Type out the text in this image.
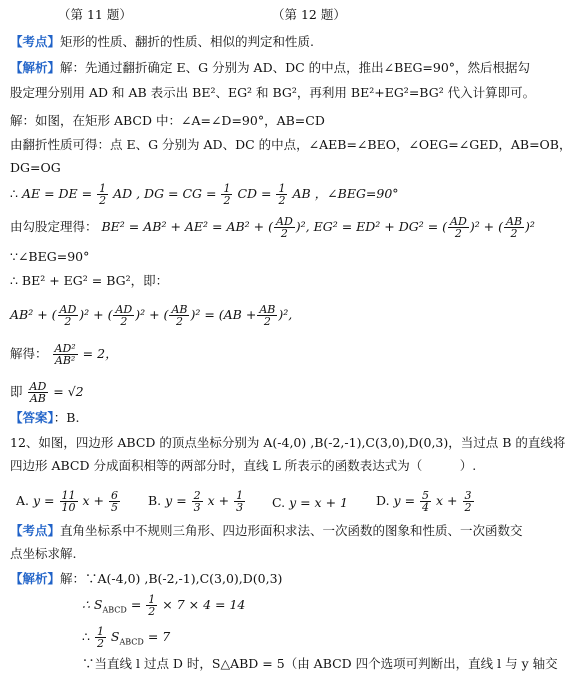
（第 11 题）	（第 12 题）
【考点】矩形的性质、翻折的性质、相似的判定和性质.
【解析】解：先通过翻折确定 E、G 分别为 AD、DC 的中点，推出∠BEG=90°，然后根据勾
股定理分别用 AD 和 AB 表示出 BE²、EG² 和 BG²，再利用 BE²+EG²=BG² 代入计算即可。
解：如图，在矩形 ABCD 中：∠A=∠D=90°，AB=CD
由翻折性质可得：点 E、G 分别为 AD、DC 的中点，∠AEB=∠BEO，∠OEG=∠GED，AB=OB，
DG=OG
∴ AE = DE = $\frac{1}{2}$ AD , DG = CG = $\frac{1}{2}$ CD = $\frac{1}{2}$ AB ，∠BEG=90°
由勾股定理得： BE² = AB² + AE² = AB² + ( $\frac{AD}{2} )^2$, EG² = ED² + DG² = ( $\frac{AD}{2} )^2$ + ( $\frac{AB}{2} )^2$
∵∠BEG=90°
∴ BE² + EG² = BG²，即：
AB² + ( $\frac{AD}{2} )^2$ + ( $\frac{AD}{2} )^2$ + ( $\frac{AB}{2} )^2 = (AB + \frac{AB}{2} )^2$,
解得： $\frac{\text{AD²}}{\text{AB²}} = 2$，
即 $\frac{AD}{AB} = √2$
【答案】：B.
12、如图，四边形 ABCD 的顶点坐标分别为 A(-4,0) ,B(-2,-1),C(3,0),D(0,3)，当过点 B 的直线将
四边形 ABCD 分成面积相等的两部分时，直线 L 所表示的函数表达式为（　　　）.
A. $y = \frac{11}{10}$ $x + \frac{6}{5} B$. $y = \frac{2}{3}$ $x + \frac{1}{3} C$. y = x + 1 D. $y = \frac{5}{4}$ $x + \frac{3}{2}$
【考点】直角坐标系中不规则三角形、四边形面积求法、一次函数的图象和性质、一次函数交
点坐标求解.
【解析】解：∵A(-4,0) ,B(-2,-1),C(3,0),D(0,3)
∴ $S_{ABCD} = \frac{1}{2} \times 7 \times 4 = 14$
∴ $\frac{1}{2} S_{ABCD} = 7$
∵当直线 l 过点 D 时，S△ABD = 5（由 ABCD 四个选项可判断出，直线 l 与 y 轴交
